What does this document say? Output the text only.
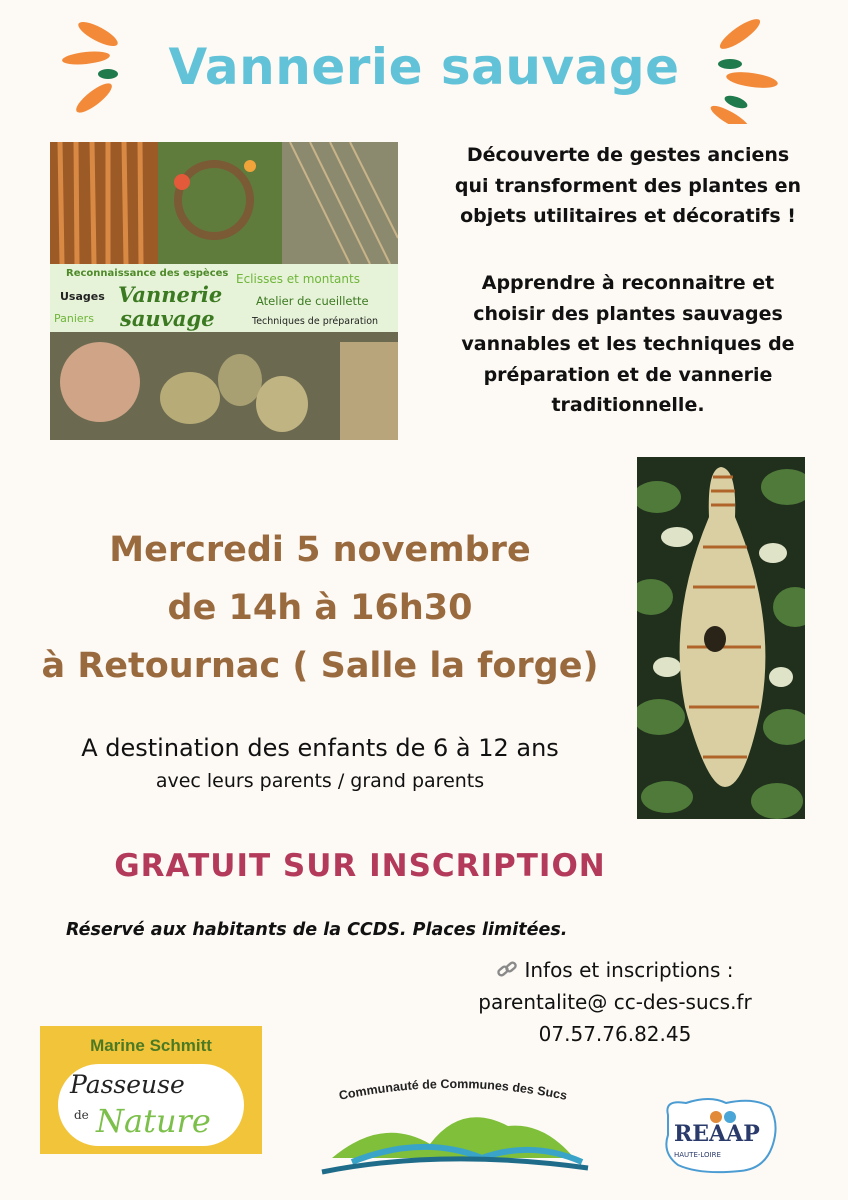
Vannerie sauvage
Reconnaissance des espèces
Usages
Paniers
Vannerie
sauvage
Eclisses et montants
Atelier de cueillette
Techniques de préparation
Découverte de gestes anciens
qui transforment des plantes en
objets utilitaires et décoratifs !
Apprendre à reconnaitre et
choisir des plantes sauvages
vannables et les techniques de
préparation et de vannerie
traditionnelle.
Mercredi 5 novembre
de 14h à 16h30
à Retournac ( Salle la forge)
A destination des enfants de 6 à 12 ans
avec leurs parents / grand parents
GRATUIT SUR INSCRIPTION
Réservé aux habitants de la CCDS. Places limitées.
Infos et inscriptions :
parentalite@ cc-des-sucs.fr
07.57.76.82.45
Marine Schmitt
Passeuse
de Nature
Communauté de Communes des Sucs
REAAP
HAUTE-LOIRE
